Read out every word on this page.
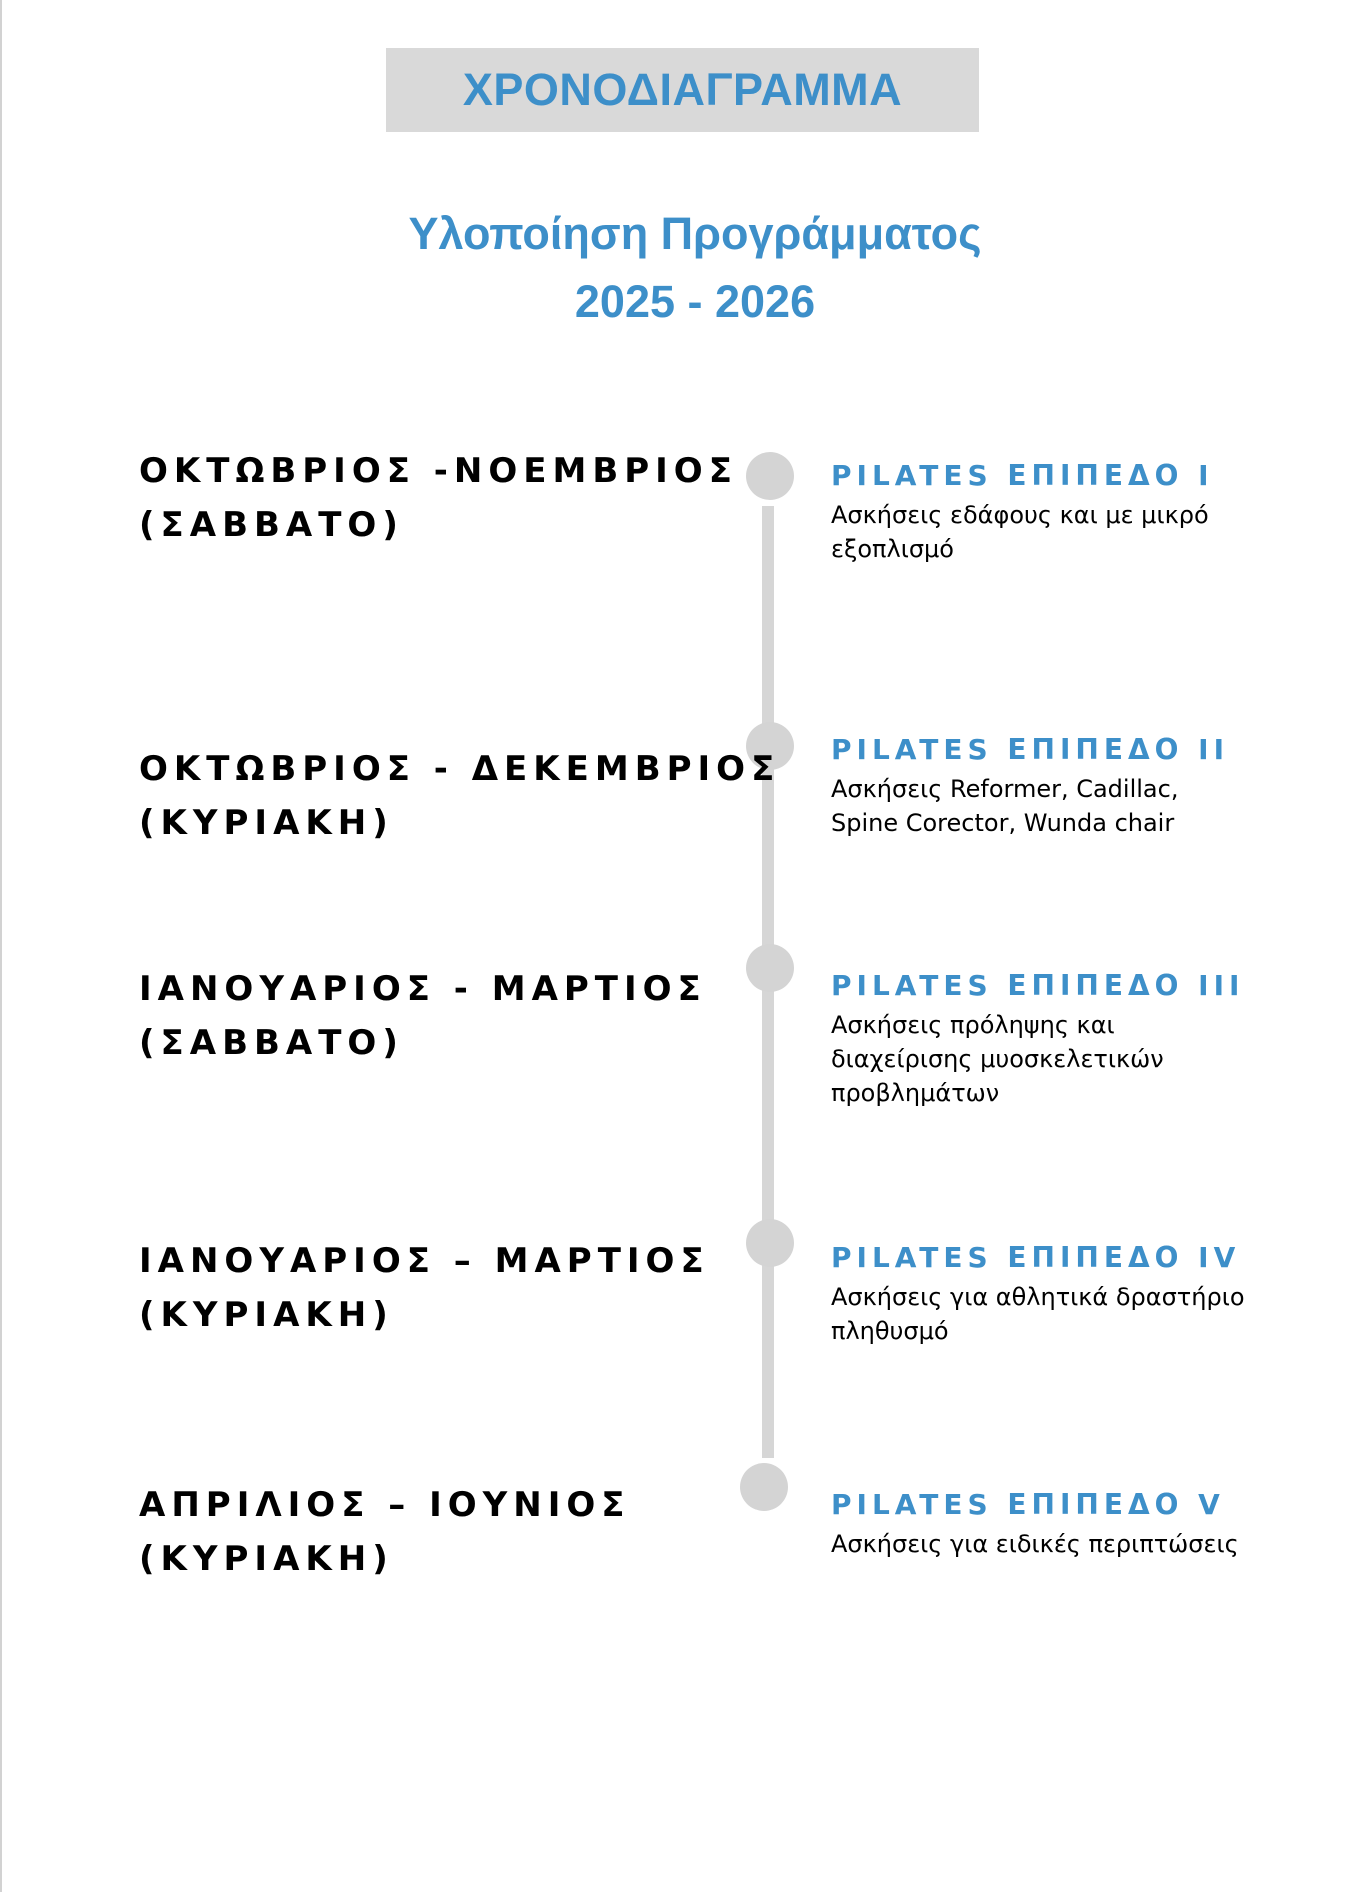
ΧΡΟΝΟΔΙΑΓΡΑΜΜΑ
Υλοποίηση Προγράμματος
2025 - 2026
ΟΚΤΩΒΡΙΟΣ -ΝΟΕΜΒΡΙΟΣ
(ΣΑΒΒΑΤΟ)
PILATES ΕΠΙΠΕΔΟ I
Ασκήσεις εδάφους και με μικρό εξοπλισμό
ΟΚΤΩΒΡΙΟΣ - ΔΕΚΕΜΒΡΙΟΣ
(ΚΥΡΙΑΚΗ)
PILATES ΕΠΙΠΕΔΟ II
Ασκήσεις Reformer, Cadillac, Spine Corector, Wunda chair
ΙΑΝΟΥΑΡΙΟΣ - ΜΑΡΤΙΟΣ
(ΣΑΒΒΑΤΟ)
PILATES ΕΠΙΠΕΔΟ III
Ασκήσεις πρόληψης και διαχείρισης μυοσκελετικών προβλημάτων
ΙΑΝΟΥΑΡΙΟΣ – ΜΑΡΤΙΟΣ
(ΚΥΡΙΑΚΗ)
PILATES ΕΠΙΠΕΔΟ IV
Ασκήσεις για αθλητικά δραστήριο πληθυσμό
ΑΠΡΙΛΙΟΣ – ΙΟΥΝΙΟΣ
(ΚΥΡΙΑΚΗ)
PILATES ΕΠΙΠΕΔΟ V
Ασκήσεις για ειδικές περιπτώσεις
